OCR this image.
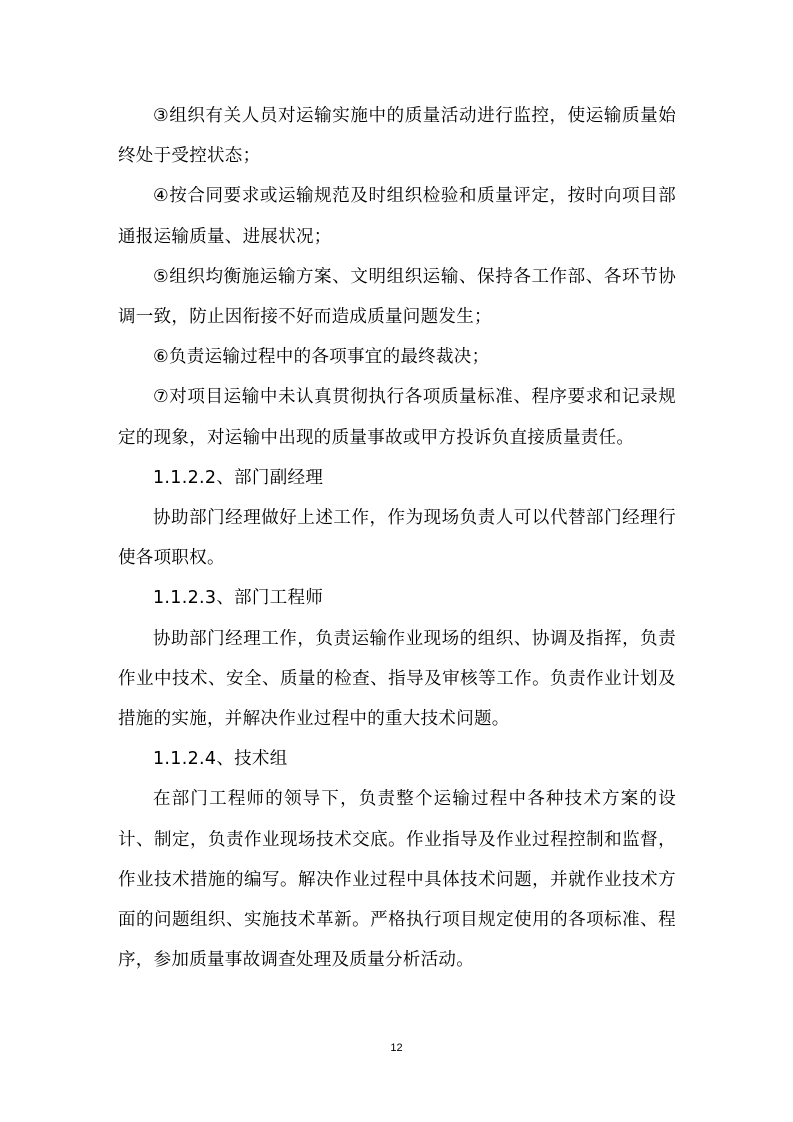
③组织有关人员对运输实施中的质量活动进行监控，使运输质量始终处于受控状态；

④按合同要求或运输规范及时组织检验和质量评定，按时向项目部通报运输质量、进展状况；

⑤组织均衡施运输方案、文明组织运输、保持各工作部、各环节协调一致，防止因衔接不好而造成质量问题发生；

⑥负责运输过程中的各项事宜的最终裁决；

⑦对项目运输中未认真贯彻执行各项质量标准、程序要求和记录规定的现象，对运输中出现的质量事故或甲方投诉负直接质量责任。

1.1.2.2、部门副经理

协助部门经理做好上述工作，作为现场负责人可以代替部门经理行使各项职权。

1.1.2.3、部门工程师

协助部门经理工作，负责运输作业现场的组织、协调及指挥，负责作业中技术、安全、质量的检查、指导及审核等工作。负责作业计划及措施的实施，并解决作业过程中的重大技术问题。

1.1.2.4、技术组

在部门工程师的领导下，负责整个运输过程中各种技术方案的设计、制定，负责作业现场技术交底。作业指导及作业过程控制和监督，作业技术措施的编写。解决作业过程中具体技术问题，并就作业技术方面的问题组织、实施技术革新。严格执行项目规定使用的各项标准、程序，参加质量事故调查处理及质量分析活动。

12
